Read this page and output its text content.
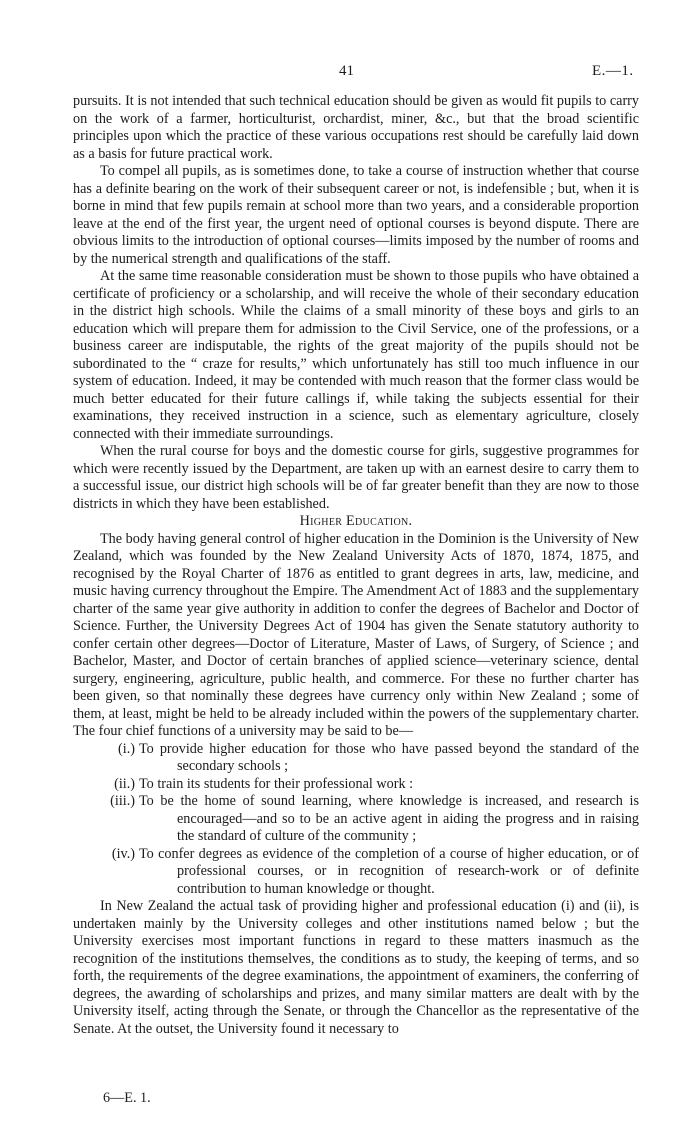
41	E.—1.

pursuits. It is not intended that such technical education should be given as would fit pupils to carry on the work of a farmer, horticulturist, orchardist, miner, &c., but that the broad scientific principles upon which the practice of these various occupations rest should be carefully laid down as a basis for future practical work.

To compel all pupils, as is sometimes done, to take a course of instruction whether that course has a definite bearing on the work of their subsequent career or not, is indefensible ; but, when it is borne in mind that few pupils remain at school more than two years, and a considerable proportion leave at the end of the first year, the urgent need of optional courses is beyond dispute. There are obvious limits to the introduction of optional courses—limits imposed by the number of rooms and by the numerical strength and qualifications of the staff.

At the same time reasonable consideration must be shown to those pupils who have obtained a certificate of proficiency or a scholarship, and will receive the whole of their secondary education in the district high schools. While the claims of a small minority of these boys and girls to an education which will prepare them for admission to the Civil Service, one of the professions, or a business career are indisputable, the rights of the great majority of the pupils should not be subordinated to the “ craze for results,” which unfortunately has still too much influence in our system of education. Indeed, it may be contended with much reason that the former class would be much better educated for their future callings if, while taking the subjects essential for their examinations, they received instruction in a science, such as elementary agriculture, closely connected with their immediate surroundings.

When the rural course for boys and the domestic course for girls, suggestive programmes for which were recently issued by the Department, are taken up with an earnest desire to carry them to a successful issue, our district high schools will be of far greater benefit than they are now to those districts in which they have been established.

Higher Education.

The body having general control of higher education in the Dominion is the University of New Zealand, which was founded by the New Zealand University Acts of 1870, 1874, 1875, and recognised by the Royal Charter of 1876 as entitled to grant degrees in arts, law, medicine, and music having currency throughout the Empire. The Amendment Act of 1883 and the supplementary charter of the same year give authority in addition to confer the degrees of Bachelor and Doctor of Science. Further, the University Degrees Act of 1904 has given the Senate statutory authority to confer certain other degrees—Doctor of Literature, Master of Laws, of Surgery, of Science ; and Bachelor, Master, and Doctor of certain branches of applied science—veterinary science, dental surgery, engineering, agriculture, public health, and commerce. For these no further charter has been given, so that nominally these degrees have currency only within New Zealand ; some of them, at least, might be held to be already included within the powers of the supplementary charter. The four chief functions of a university may be said to be—

(i.) To provide higher education for those who have passed beyond the standard of the secondary schools ;
(ii.) To train its students for their professional work :
(iii.) To be the home of sound learning, where knowledge is increased, and research is encouraged—and so to be an active agent in aiding the progress and in raising the standard of culture of the community ;
(iv.) To confer degrees as evidence of the completion of a course of higher education, or of professional courses, or in recognition of research-work or of definite contribution to human knowledge or thought.

In New Zealand the actual task of providing higher and professional education (i) and (ii), is undertaken mainly by the University colleges and other institutions named below ; but the University exercises most important functions in regard to these matters inasmuch as the recognition of the institutions themselves, the conditions as to study, the keeping of terms, and so forth, the requirements of the degree examinations, the appointment of examiners, the conferring of degrees, the awarding of scholarships and prizes, and many similar matters are dealt with by the University itself, acting through the Senate, or through the Chancellor as the representative of the Senate. At the outset, the University found it necessary to

6—E. 1.
